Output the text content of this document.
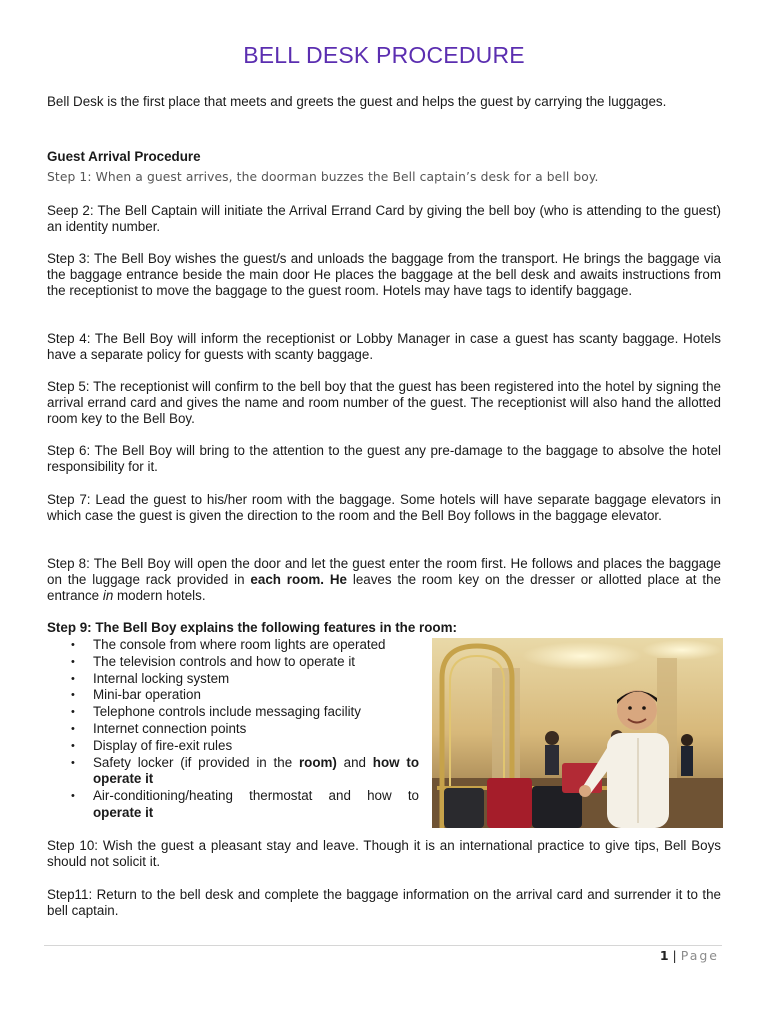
BELL DESK PROCEDURE

Bell Desk is the first place that meets and greets the guest and helps the guest by carrying the luggages.

Guest Arrival Procedure
Step 1: When a guest arrives, the doorman buzzes the Bell captain’s desk for a bell boy.

Seep 2: The Bell Captain will initiate the Arrival Errand Card by giving the bell boy (who is attending to the guest) an identity number.

Step 3: The Bell Boy wishes the guest/s and unloads the baggage from the transport. He brings the baggage via the baggage entrance beside the main door He places the baggage at the bell desk and awaits instructions from the receptionist to move the baggage to the guest room. Hotels may have tags to identify baggage.

Step 4: The Bell Boy will inform the receptionist or Lobby Manager in case a guest has scanty baggage. Hotels have a separate policy for guests with scanty baggage.

Step 5: The receptionist will confirm to the bell boy that the guest has been registered into the hotel by signing the arrival errand card and gives the name and room number of the guest. The receptionist will also hand the allotted room key to the Bell Boy.

Step 6: The Bell Boy will bring to the attention to the guest any pre-damage to the baggage to absolve the hotel responsibility for it.

Step 7: Lead the guest to his/her room with the baggage. Some hotels will have separate baggage elevators in which case the guest is given the direction to the room and the Bell Boy follows in the baggage elevator.

Step 8: The Bell Boy will open the door and let the guest enter the room first. He follows and places the baggage on the luggage rack provided in each room. He leaves the room key on the dresser or allotted place at the entrance in modern hotels.

Step 9: The Bell Boy explains the following features in the room:
• The console from where room lights are operated
• The television controls and how to operate it
• Internal locking system
• Mini-bar operation
• Telephone controls include messaging facility
• Internet connection points
• Display of fire-exit rules
• Safety locker (if provided in the room) and how to operate it
• Air-conditioning/heating thermostat and how to operate it

Step 10: Wish the guest a pleasant stay and leave. Though it is an international practice to give tips, Bell Boys should not solicit it.

Step11: Return to the bell desk and complete the baggage information on the arrival card and surrender it to the bell captain.

1 | Page
